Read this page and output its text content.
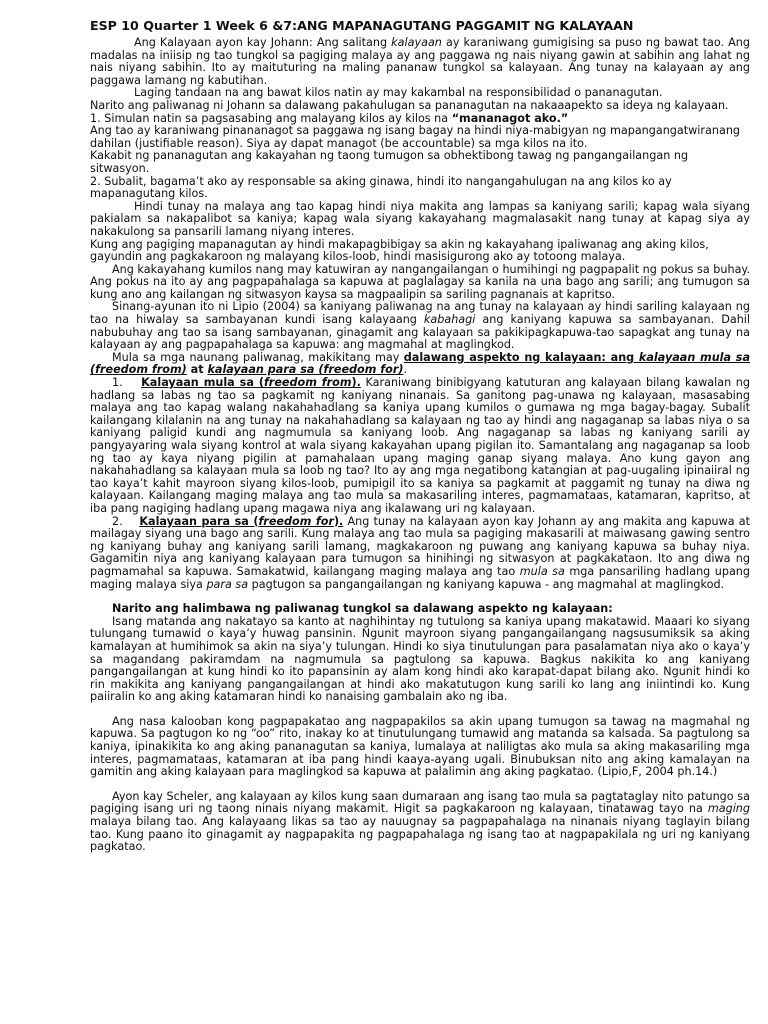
ESP 10 Quarter 1 Week 6 &7:ANG MAPANAGUTANG PAGGAMIT NG KALAYAAN

Ang Kalayaan ayon kay Johann: Ang salitang kalayaan ay karaniwang gumigising sa puso ng bawat tao. Ang madalas na iniisip ng tao tungkol sa pagiging malaya ay ang paggawa ng nais niyang gawin at sabihin ang lahat ng nais niyang sabihin. Ito ay maituturing na maling pananaw tungkol sa kalayaan. Ang tunay na kalayaan ay ang paggawa lamang ng kabutihan.

Laging tandaan na ang bawat kilos natin ay may kakambal na responsibilidad o pananagutan.

Narito ang paliwanag ni Johann sa dalawang pakahulugan sa pananagutan na nakaaapekto sa ideya ng kalayaan.

1. Simulan natin sa pagsasabing ang malayang kilos ay kilos na “mananagot ako.”

Ang tao ay karaniwang pinananagot sa paggawa ng isang bagay na hindi niya-mabigyan ng mapangangatwiranang dahilan (justifiable reason). Siya ay dapat managot (be accountable) sa mga kilos na ito.

Kakabit ng pananagutan ang kakayahan ng taong tumugon sa obhektibong tawag ng pangangailangan ng sitwasyon.

2. Subalit, bagama’t ako ay responsable sa aking ginawa, hindi ito nangangahulugan na ang kilos ko ay mapanagutang kilos.

Hindi tunay na malaya ang tao kapag hindi niya makita ang lampas sa kaniyang sarili; kapag wala siyang pakialam sa nakapalibot sa kaniya; kapag wala siyang kakayahang magmalasakit nang tunay at kapag siya ay nakakulong sa pansarili lamang niyang interes.

Kung ang pagiging mapanagutan ay hindi makapagbibigay sa akin ng kakayahang ipaliwanag ang aking kilos, gayundin ang pagkakaroon ng malayang kilos-loob, hindi masisigurong ako ay totoong malaya.

Ang kakayahang kumilos nang may katuwiran ay nangangailangan o humihingi ng pagpapalit ng pokus sa buhay. Ang pokus na ito ay ang pagpapahalaga sa kapuwa at paglalagay sa kanila na una bago ang sarili; ang tumugon sa kung ano ang kailangan ng sitwasyon kaysa sa magpaalipin sa sariling pagnanais at kapritso.

Sinang-ayunan ito ni Lipio (2004) sa kaniyang paliwanag na ang tunay na kalayaan ay hindi sariling kalayaan ng tao na hiwalay sa sambayanan kundi isang kalayaang kabahagi ang kaniyang kapuwa sa sambayanan. Dahil nabubuhay ang tao sa isang sambayanan, ginagamit ang kalayaan sa pakikipagkapuwa-tao sapagkat ang tunay na kalayaan ay ang pagpapahalaga sa kapuwa: ang magmahal at maglingkod.

Mula sa mga naunang paliwanag, makikitang may dalawang aspekto ng kalayaan: ang kalayaan mula sa (freedom from) at kalayaan para sa (freedom for).

1. Kalayaan mula sa (freedom from). Karaniwang binibigyang katuturan ang kalayaan bilang kawalan ng hadlang sa labas ng tao sa pagkamit ng kaniyang ninanais. Sa ganitong pag-unawa ng kalayaan, masasabing malaya ang tao kapag walang nakahahadlang sa kaniya upang kumilos o gumawa ng mga bagay-bagay. Subalit kailangang kilalanin na ang tunay na nakahahadlang sa kalayaan ng tao ay hindi ang nagaganap sa labas niya o sa kaniyang paligid kundi ang nagmumula sa kaniyang loob. Ang nagaganap sa labas ng kaniyang sarili ay pangyayaring wala siyang kontrol at wala siyang kakayahan upang pigilan ito. Samantalang ang nagaganap sa loob ng tao ay kaya niyang pigilin at pamahalaan upang maging ganap siyang malaya. Ano kung gayon ang nakahahadlang sa kalayaan mula sa loob ng tao? Ito ay ang mga negatibong katangian at pag-uugaling ipinaiiral ng tao kaya’t kahit mayroon siyang kilos-loob, pumipigil ito sa kaniya sa pagkamit at paggamit ng tunay na diwa ng kalayaan. Kailangang maging malaya ang tao mula sa makasariling interes, pagmamataas, katamaran, kapritso, at iba pang nagiging hadlang upang magawa niya ang ikalawang uri ng kalayaan.

2. Kalayaan para sa (freedom for). Ang tunay na kalayaan ayon kay Johann ay ang makita ang kapuwa at mailagay siyang una bago ang sarili. Kung malaya ang tao mula sa pagiging makasarili at maiwasang gawing sentro ng kaniyang buhay ang kaniyang sarili lamang, magkakaroon ng puwang ang kaniyang kapuwa sa buhay niya. Gagamitin niya ang kaniyang kalayaan para tumugon sa hinihingi ng sitwasyon at pagkakataon. Ito ang diwa ng pagmamahal sa kapuwa. Samakatwid, kailangang maging malaya ang tao mula sa mga pansariling hadlang upang maging malaya siya para sa pagtugon sa pangangailangan ng kaniyang kapuwa - ang magmahal at maglingkod.

Narito ang halimbawa ng paliwanag tungkol sa dalawang aspekto ng kalayaan:

Isang matanda ang nakatayo sa kanto at naghihintay ng tutulong sa kaniya upang makatawid. Maaari ko siyang tulungang tumawid o kaya’y huwag pansinin. Ngunit mayroon siyang pangangailangang nagsusumiksik sa aking kamalayan at humihimok sa akin na siya’y tulungan. Hindi ko siya tinutulungan para pasalamatan niya ako o kaya’y sa magandang pakiramdam na nagmumula sa pagtulong sa kapuwa. Bagkus nakikita ko ang kaniyang pangangailangan at kung hindi ko ito papansinin ay alam kong hindi ako karapat-dapat bilang ako. Ngunit hindi ko rin makikita ang kaniyang pangangailangan at hindi ako makatutugon kung sarili ko lang ang iniintindi ko. Kung paiiralin ko ang aking katamaran hindi ko nanaising gambalain ako ng iba.

Ang nasa kalooban kong pagpapakatao ang nagpapakilos sa akin upang tumugon sa tawag na magmahal ng kapuwa. Sa pagtugon ko ng “oo” rito, inakay ko at tinutulungang tumawid ang matanda sa kalsada. Sa pagtulong sa kaniya, ipinakikita ko ang aking pananagutan sa kaniya, lumalaya at naliligtas ako mula sa aking makasariling mga interes, pagmamataas, katamaran at iba pang hindi kaaya-ayang ugali. Binubuksan nito ang aking kamalayan na gamitin ang aking kalayaan para maglingkod sa kapuwa at palalimin ang aking pagkatao. (Lipio,F, 2004 ph.14.)

Ayon kay Scheler, ang kalayaan ay kilos kung saan dumaraan ang isang tao mula sa pagtataglay nito patungo sa pagiging isang uri ng taong ninais niyang makamit. Higit sa pagkakaroon ng kalayaan, tinatawag tayo na maging malaya bilang tao. Ang kalayaang likas sa tao ay nauugnay sa pagpapahalaga na ninanais niyang taglayin bilang tao. Kung paano ito ginagamit ay nagpapakita ng pagpapahalaga ng isang tao at nagpapakilala ng uri ng kaniyang pagkatao.
